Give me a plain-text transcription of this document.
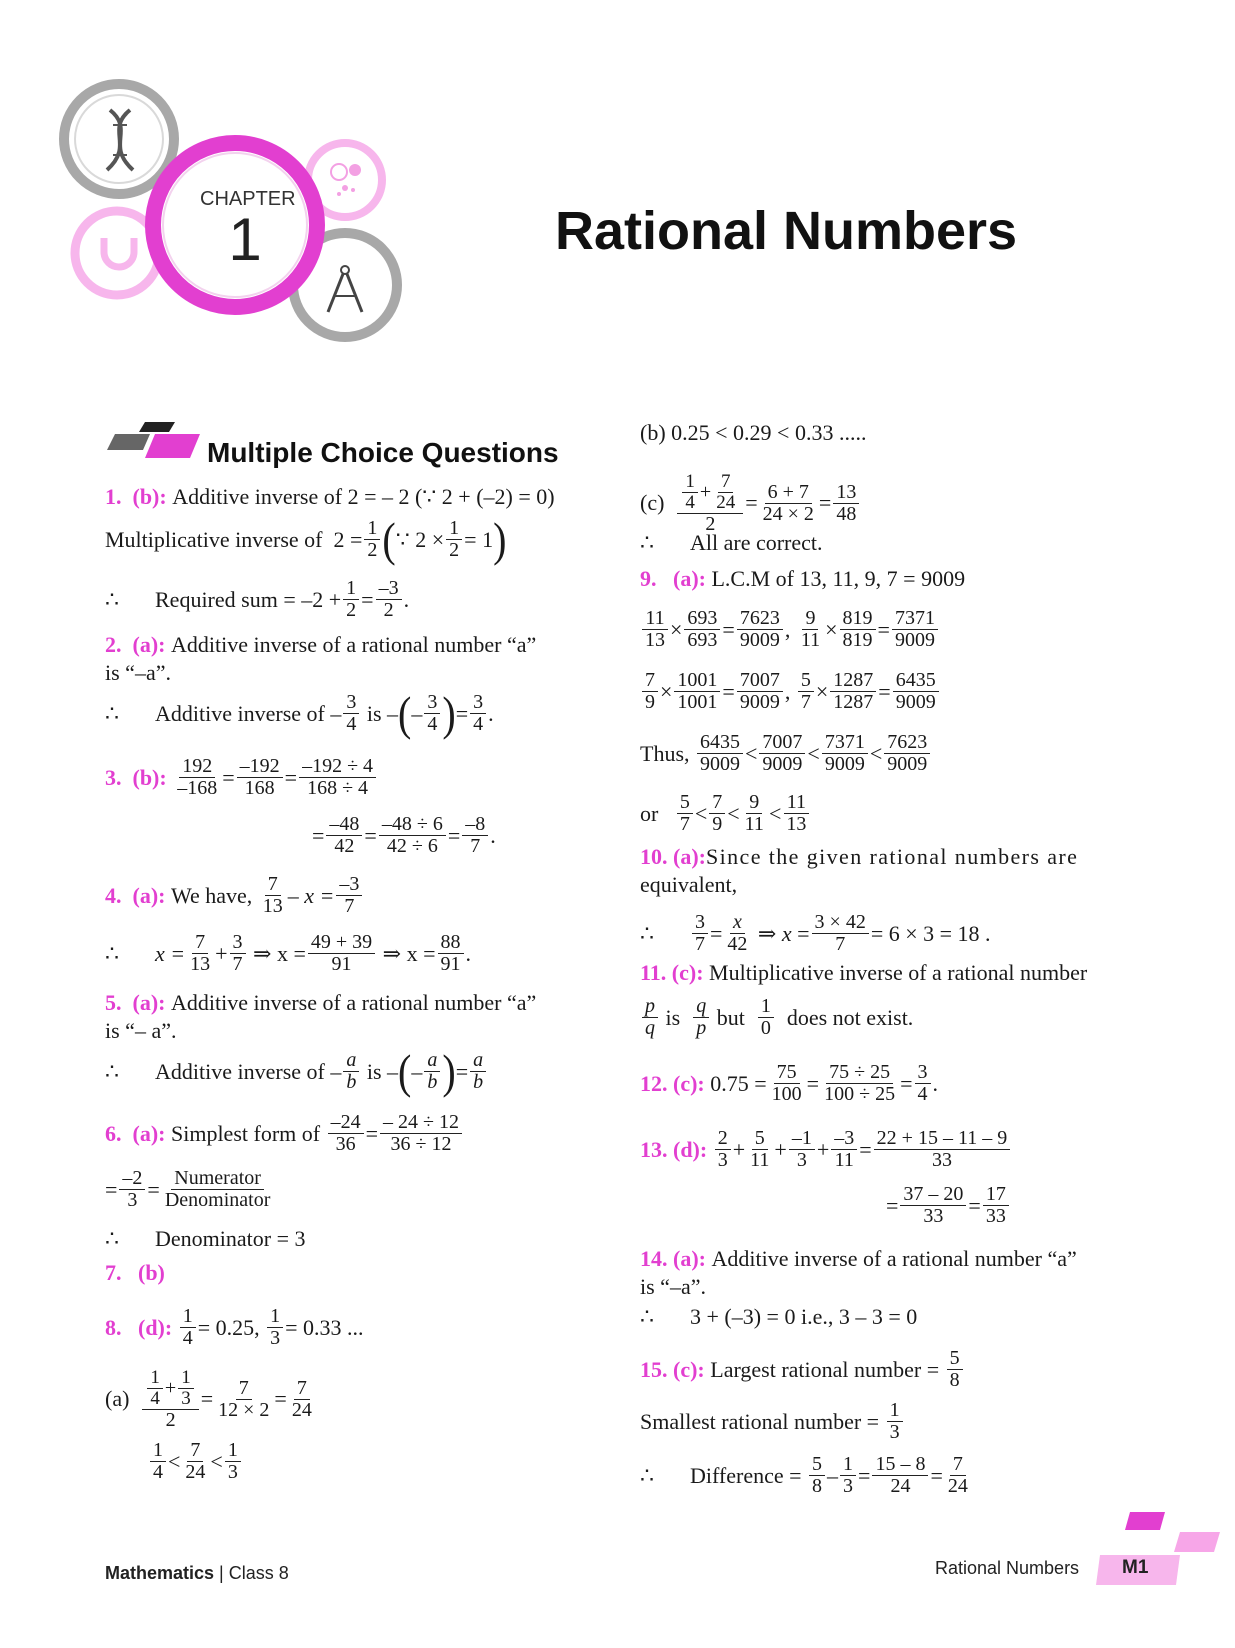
CHAPTER
1	Rational Numbers
Multiple Choice Questions
1.
(b):
Additive inverse of 2 = – 2 (∵ 2 + (–2) = 0)
Multiplicative inverse of
$2 = \frac{1}{2}$ ( ∵ $2 \times \frac{1}{2} = 1$ )
∴ Required sum = $-2 + \frac{1}{2} = \frac{-3}{2}$ .
2.
(a):
Additive inverse of a rational number “a”
is “–a”.
∴ Additive inverse of
– $\frac{3}{4}$
is
– ( – $\frac{3}{4}$ ) = $\frac{3}{4}$ .
3.
(b):
$\frac{192}{-168} = \frac{-192}{168} = \frac{-192 \div 4}{168 \div 4}$
= $\frac{-48}{42} = \frac{-48 \div 6}{42 \div 6} = \frac{-8}{7}$ .
4.
(a):
We have,
$\frac{7}{13} - x = \frac{-3}{7}$
∴ $x = \frac{7}{13} + \frac{3}{7}$
⇒ $x = \frac{49 + 39}{91}$
⇒ $x = \frac{88}{91}$ .
5.
(a):
Additive inverse of a rational number “a”
is “– a”.
∴ Additive inverse of – $\frac{a}{b}$
is – ( – $\frac{a}{b}$ ) = $\frac{a}{b}$
6.
(a):
Simplest form of
$\frac{-24}{36} = \frac{- 24 \div 12}{36 \div 12}$
= $\frac{-2}{3} = \frac{\text{Numerator}}{\text{Denominator}}$
∴ Denominator = 3
7.
(b)
8.
(d):
$\frac{1}{4} = 0.25$,
$\frac{1}{3} = 0.33$ ...
(a)
$\frac{\frac{1}{4} + \frac{1}{3}}{2} = \frac{7}{12 \times 2} = \frac{7}{24}$
$\frac{1}{4} < \frac{7}{24} < \frac{1}{3}$
(b) 0.25 < 0.29 < 0.33 .....
(c)
$\frac{\frac{1}{4} + \frac{7}{24}}{2} = \frac{6 + 7}{24 \times 2} = \frac{13}{48}$
∴ All are correct.
9.
(a):
L.C.M of 13, 11, 9, 7 = 9009
$\frac{11}{13} \times \frac{693}{693} = \frac{7623}{9009}$ , $\frac{9}{11} \times \frac{819}{819} = \frac{7371}{9009}$
$\frac{7}{9} \times \frac{1001}{1001} = \frac{7007}{9009}$ , $\frac{5}{7} \times \frac{1287}{1287} = \frac{6435}{9009}$
Thus,
$\frac{6435}{9009} < \frac{7007}{9009} < \frac{7371}{9009} < \frac{7623}{9009}$
or
$\frac{5}{7} < \frac{7}{9} < \frac{9}{11} < \frac{11}{13}$
10.
(a): Since the given rational numbers are
equivalent,
∴ $\frac{3}{7} = \frac{x}{42}$ ⇒ $x = \frac{3 \times 42}{7} = 6 \times 3 = 18$ .
11.
(c):
Multiplicative inverse of a rational number
$\frac{p}{q}$
is
$\frac{q}{p}$
but
$\frac{1}{0}$
does not exist.
12.
(c):
$0.75 = \frac{75}{100} = \frac{75 \div 25}{100 \div 25} = \frac{3}{4}$ .
13.
(d):
$\frac{2}{3} + \frac{5}{11} + \frac{-1}{3} + \frac{-3}{11} = \frac{22 + 15 - 11 - 9}{33}$
= $\frac{37 - 20}{33} = \frac{17}{33}$
14.
(a):
Additive inverse of a rational number “a”
is “–a”.
∴ 3 + (–3) = 0 i.e., 3 – 3 = 0
15.
(c):
Largest rational number =
$\frac{5}{8}$
Smallest rational number =
$\frac{1}{3}$
∴ Difference =
$\frac{5}{8} - \frac{1}{3} = \frac{15 - 8}{24} = \frac{7}{24}$
Mathematics | Class 8	Rational Numbers M1
